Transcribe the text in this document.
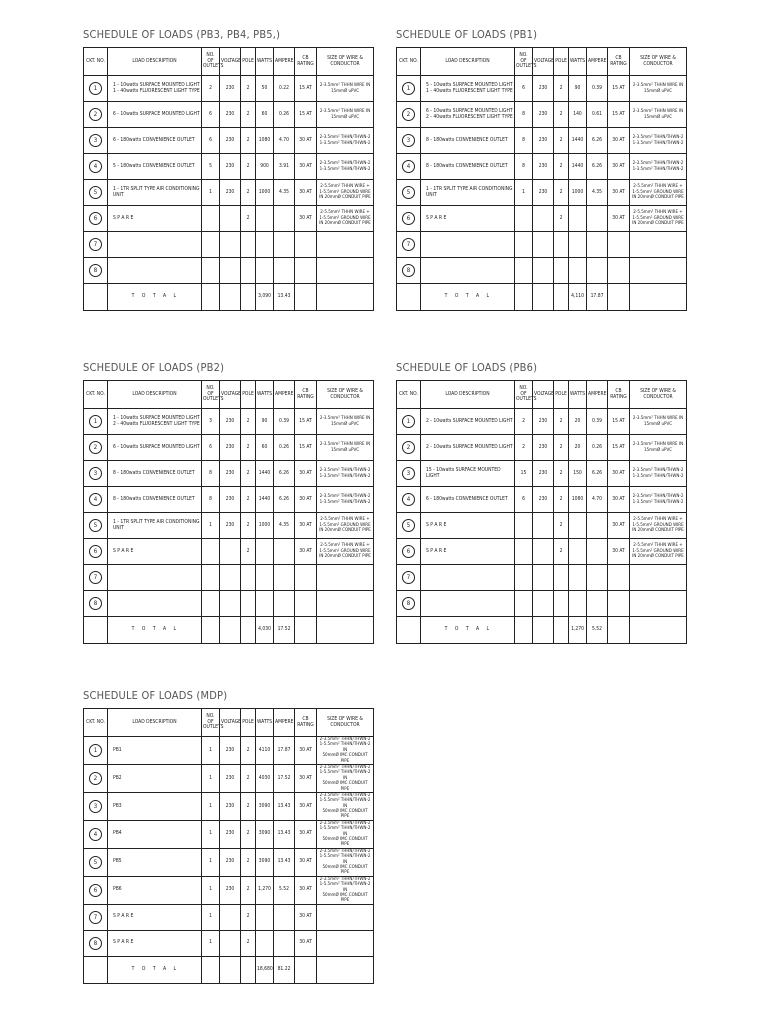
SCHEDULE OF LOADS (PB3, PB4, PB5,)
CKT. NO.	LOAD DESCRIPTION	NO. OF OUTLETS	VOLTAGE	POLE	WATTS	AMPERE	CB RATING	SIZE OF WIRE & CONDUCTOR
1	1 - 10watts SURFACE MOUNTED LIGHT
1 - 40watts FLUORESCENT LIGHT TYPE	2	230	2	50	0.22	15 AT	2-3.5mm² THHN WIRE IN
15mmØ uPVC
2	6 - 10watts SURFACE MOUNTED LIGHT	6	230	2	60	0.26	15 AT	2-3.5mm² THHN WIRE IN
15mmØ uPVC
3	6 - 180watts CONVENIENCE OUTLET	6	230	2	1080	4.70	30 AT	2-3.5mm² THHN/THWN-2
1-3.5mm² THHN/THWN-2
4	5 - 180watts CONVENIENCE OUTLET	5	230	2	900	3.91	30 AT	2-3.5mm² THHN/THWN-2
1-3.5mm² THHN/THWN-2
5	1 - 1TR SPLIT TYPE AIR CONDITIONING UNIT	1	230	2	1000	4.35	30 AT	2-5.5mm² THHN WIRE +
1-5.5mm² GROUND WIRE
IN 20mmØ CONDUIT PIPE
6	S P A R E			2			30 AT	2-5.5mm² THHN WIRE +
1-5.5mm² GROUND WIRE
IN 20mmØ CONDUIT PIPE
7								
8								
	T O T A L				3,090	13.43		
SCHEDULE OF LOADS (PB1)
CKT. NO.	LOAD DESCRIPTION	NO. OF OUTLETS	VOLTAGE	POLE	WATTS	AMPERE	CB RATING	SIZE OF WIRE & CONDUCTOR
1	5 - 10watts SURFACE MOUNTED LIGHT
1 - 40watts FLUORESCENT LIGHT TYPE	6	230	2	90	0.39	15 AT	2-3.5mm² THHN WIRE IN
15mmØ uPVC
2	6 - 10watts SURFACE MOUNTED LIGHT
2 - 40watts FLUORESCENT LIGHT TYPE	8	230	2	140	0.61	15 AT	2-3.5mm² THHN WIRE IN
15mmØ uPVC
3	8 - 180watts CONVENIENCE OUTLET	8	230	2	1440	6.26	30 AT	2-3.5mm² THHN/THWN-2
1-3.5mm² THHN/THWN-2
4	8 - 180watts CONVENIENCE OUTLET	8	230	2	1440	6.26	30 AT	2-3.5mm² THHN/THWN-2
1-3.5mm² THHN/THWN-2
5	1 - 1TR SPLIT TYPE AIR CONDITIONING UNIT	1	230	2	1000	4.35	30 AT	2-5.5mm² THHN WIRE +
1-5.5mm² GROUND WIRE
IN 20mmØ CONDUIT PIPE
6	S P A R E			2			30 AT	2-5.5mm² THHN WIRE +
1-5.5mm² GROUND WIRE
IN 20mmØ CONDUIT PIPE
7								
8								
	T O T A L				4,110	17.87		
SCHEDULE OF LOADS (PB2)
CKT. NO.	LOAD DESCRIPTION	NO. OF OUTLETS	VOLTAGE	POLE	WATTS	AMPERE	CB RATING	SIZE OF WIRE & CONDUCTOR
1	1 - 10watts SURFACE MOUNTED LIGHT
2 - 40watts FLUORESCENT LIGHT TYPE	3	230	2	90	0.39	15 AT	2-3.5mm² THHN WIRE IN
15mmØ uPVC
2	6 - 10watts SURFACE MOUNTED LIGHT	6	230	2	60	0.26	15 AT	2-3.5mm² THHN WIRE IN
15mmØ uPVC
3	8 - 180watts CONVENIENCE OUTLET	8	230	2	1440	6.26	30 AT	2-3.5mm² THHN/THWN-2
1-3.5mm² THHN/THWN-2
4	8 - 180watts CONVENIENCE OUTLET	8	230	2	1440	6.26	30 AT	2-3.5mm² THHN/THWN-2
1-3.5mm² THHN/THWN-2
5	1 - 1TR SPLIT TYPE AIR CONDITIONING UNIT	1	230	2	1000	4.35	30 AT	2-5.5mm² THHN WIRE +
1-5.5mm² GROUND WIRE
IN 20mmØ CONDUIT PIPE
6	S P A R E			2			30 AT	2-5.5mm² THHN WIRE +
1-5.5mm² GROUND WIRE
IN 20mmØ CONDUIT PIPE
7								
8								
	T O T A L				4,030	17.52		
SCHEDULE OF LOADS (PB6)
CKT. NO.	LOAD DESCRIPTION	NO. OF OUTLETS	VOLTAGE	POLE	WATTS	AMPERE	CB RATING	SIZE OF WIRE & CONDUCTOR
1	2 - 10watts SURFACE MOUNTED LIGHT	2	230	2	20	0.39	15 AT	2-3.5mm² THHN WIRE IN
15mmØ uPVC
2	2 - 10watts SURFACE MOUNTED LIGHT	2	230	2	20	0.26	15 AT	2-3.5mm² THHN WIRE IN
15mmØ uPVC
3	15 - 10watts SURFACE MOUNTED LIGHT	15	230	2	150	6.26	30 AT	2-3.5mm² THHN/THWN-2
1-3.5mm² THHN/THWN-2
4	6 - 180watts CONVENIENCE OUTLET	6	230	2	1080	4.70	30 AT	2-3.5mm² THHN/THWN-2
1-3.5mm² THHN/THWN-2
5	S P A R E			2			30 AT	2-5.5mm² THHN WIRE +
1-5.5mm² GROUND WIRE
IN 20mmØ CONDUIT PIPE
6	S P A R E			2			30 AT	2-5.5mm² THHN WIRE +
1-5.5mm² GROUND WIRE
IN 20mmØ CONDUIT PIPE
7								
8								
	T O T A L				1,270	5.52		
SCHEDULE OF LOADS (MDP)
CKT. NO.	LOAD DESCRIPTION	NO. OF OUTLETS	VOLTAGE	POLE	WATTS	AMPERE	CB RATING	SIZE OF WIRE & CONDUCTOR
1	PB1	1	230	2	4110	17.87	30 AT	2-3.5mm² THHN/THWN-2
1-5.5mm² THHN/THWN-2 IN
50mmØ IMC CONDUIT PIPE
2	PB2	1	230	2	4030	17.52	30 AT	2-3.5mm² THHN/THWN-2
1-5.5mm² THHN/THWN-2 IN
50mmØ IMC CONDUIT PIPE
3	PB3	1	230	2	3090	13.43	30 AT	2-3.5mm² THHN/THWN-2
1-5.5mm² THHN/THWN-2 IN
50mmØ IMC CONDUIT PIPE
4	PB4	1	230	2	3090	13.43	30 AT	2-3.5mm² THHN/THWN-2
1-5.5mm² THHN/THWN-2 IN
50mmØ IMC CONDUIT PIPE
5	PB5	1	230	2	3090	13.43	30 AT	2-3.5mm² THHN/THWN-2
1-5.5mm² THHN/THWN-2 IN
50mmØ IMC CONDUIT PIPE
6	PB6	1	230	2	1,270	5.52	30 AT	2-3.5mm² THHN/THWN-2
1-5.5mm² THHN/THWN-2 IN
50mmØ IMC CONDUIT PIPE
7	S P A R E	1		2			30 AT	
8	S P A R E	1		2			30 AT	
	T O T A L				18,680	81.22		
